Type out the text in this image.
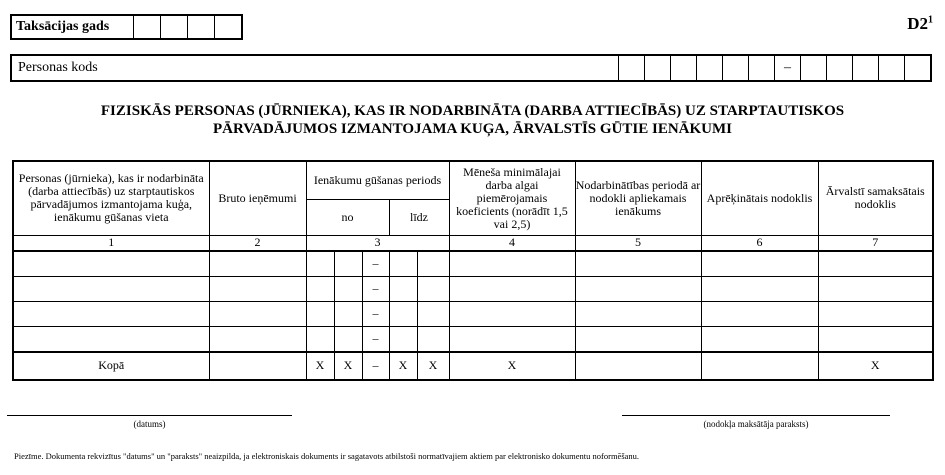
Taksācijas gads	$D2^1$
Personas kods	–
FIZISKĀS PERSONAS (JŪRNIEKA), KAS IR NODARBINĀTA (DARBA ATTIECĪBĀS) UZ STARPTAUTISKOS
PĀRVADĀJUMOS IZMANTOJAMA KUĢA, ĀRVALSTĪS GŪTIE IENĀKUMI
Personas (jūrnieka), kas ir nodarbināta (darba attiecībās) uz starptautiskos pārvadājumos izmantojama kuģa, ienākumu gūšanas vieta	Bruto ieņēmumi	Ienākumu gūšanas periods					Mēneša minimālajai darba algai piemērojamais koeficients (norādīt 1,5 vai 2,5)	Nodarbinātības periodā ar nodokli apliekamais ienākums	Aprēķinātais nodoklis	Ārvalstī samaksātais nodoklis
		no			līdz					
1	2	3					4	5	6	7
				–						
				–						
				–						
				–						
Kopā		X	X	–	X	X	X			X
(datums)	(nodokļa maksātāja paraksts)
Piezīme. Dokumenta rekvizītus "datums" un "paraksts" neaizpilda, ja elektroniskais dokuments ir sagatavots atbilstoši normatīvajiem aktiem par elektronisko dokumentu noformēšanu.
